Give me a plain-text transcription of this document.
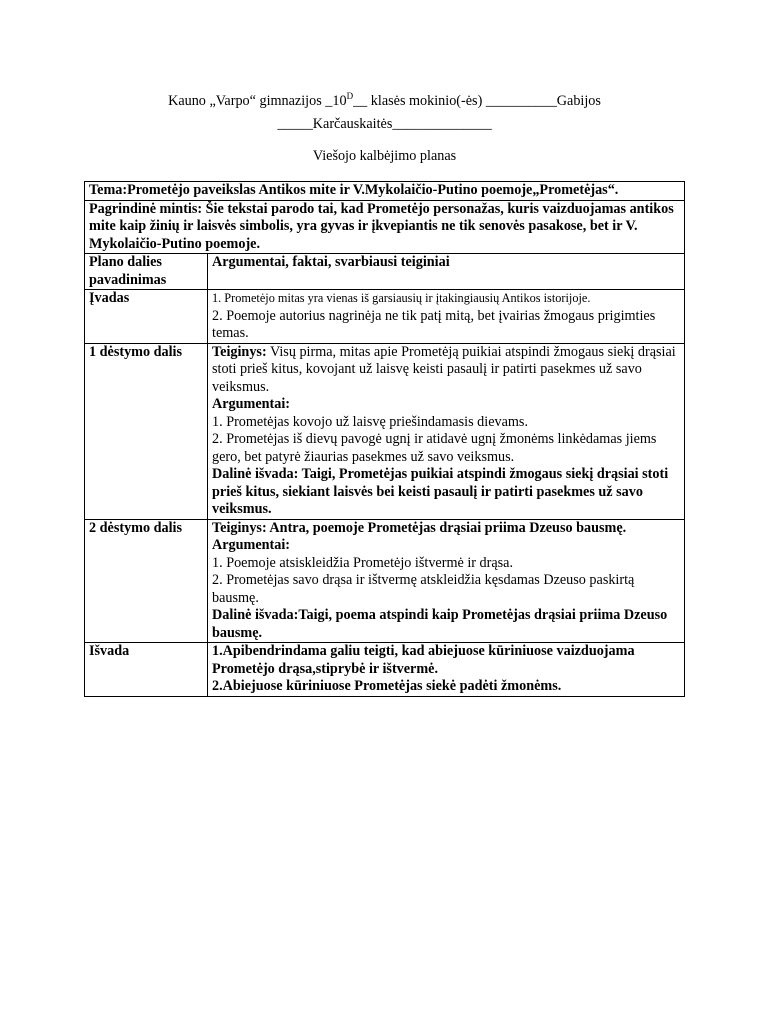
Kauno „Varpo“ gimnazijos $\_10^D\_\_$ klasės mokinio(-ės) __________Gabijos
_____Karčauskaitės______________
Viešojo kalbėjimo planas
Tema:Prometėjo paveikslas Antikos mite ir V.Mykolaičio-Putino poemoje„Prometėjas“.	
Pagrindinė mintis: Šie tekstai parodo tai, kad Prometėjo personažas, kuris vaizduojamas antikos mite kaip žinių ir laisvės simbolis, yra gyvas ir įkvepiantis ne tik senovės pasakose, bet ir V. Mykolaičio-Putino poemoje.	
Plano dalies pavadinimas	Argumentai, faktai, svarbiausi teiginiai
Įvadas	1. Prometėjo mitas yra vienas iš garsiausių ir įtakingiausių Antikos istorijoje.

2. Poemoje autorius nagrinėja ne tik patį mitą, bet įvairias žmogaus prigimties temas.

1 dėstymo dalis	Teiginys: Visų pirma, mitas apie Prometėją puikiai atspindi žmogaus siekį drąsiai stoti prieš kitus, kovojant už laisvę keisti pasaulį ir patirti pasekmes už savo veiksmus.

Argumentai:

1. Prometėjas kovojo už laisvę priešindamasis dievams.

2. Prometėjas iš dievų pavogė ugnį ir atidavė ugnį žmonėms linkėdamas jiems gero, bet patyrė žiaurias pasekmes už savo veiksmus.

Dalinė išvada: Taigi, Prometėjas puikiai atspindi žmogaus siekį drąsiai stoti prieš kitus, siekiant laisvės bei keisti pasaulį ir patirti pasekmes už savo veiksmus.

2 dėstymo dalis	Teiginys: Antra, poemoje Prometėjas drąsiai priima Dzeuso bausmę.

Argumentai:

1. Poemoje atsiskleidžia Prometėjo ištvermė ir drąsa.

2. Prometėjas savo drąsa ir ištvermę atskleidžia kęsdamas Dzeuso paskirtą bausmę.

Dalinė išvada:Taigi, poema atspindi kaip Prometėjas drąsiai priima Dzeuso bausmę.

Išvada	1.Apibendrindama galiu teigti, kad abiejuose kūriniuose vaizduojama Prometėjo drąsa,stiprybė ir ištvermė.

2.Abiejuose kūriniuose Prometėjas siekė padėti žmonėms.
